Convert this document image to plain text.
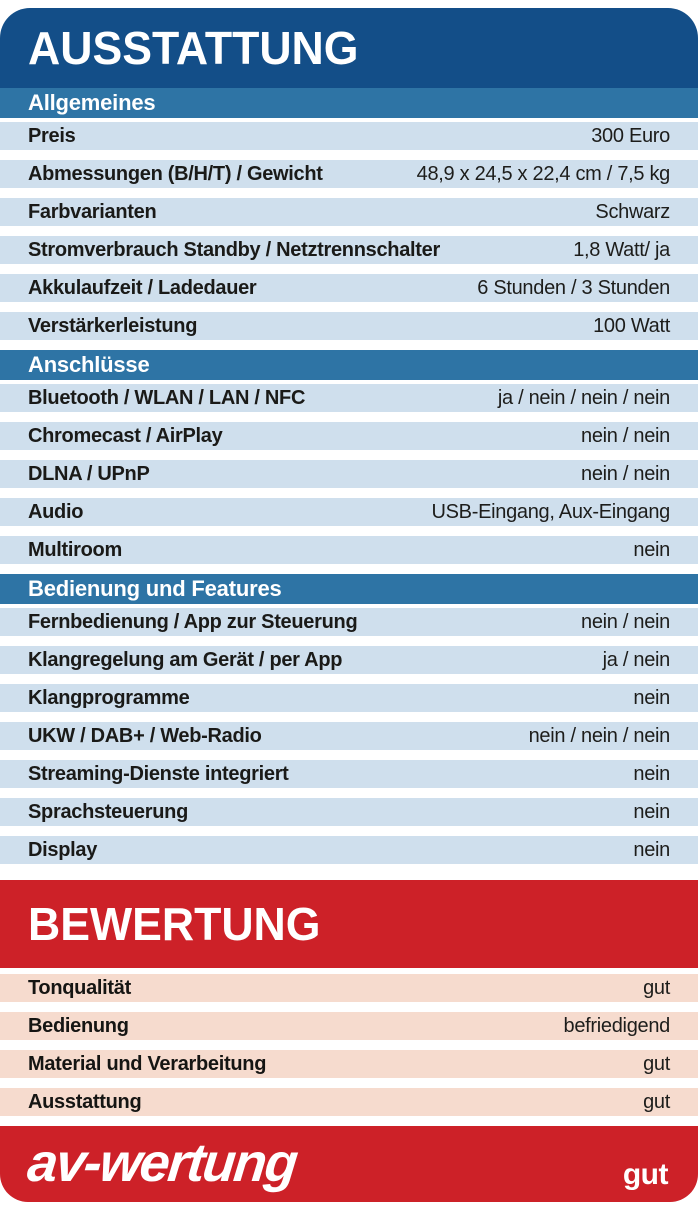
AUSSTATTUNG
Allgemeines
Preis	300 Euro
Abmessungen (B/H/T) / Gewicht	48,9 x 24,5 x 22,4 cm / 7,5 kg
Farbvarianten	Schwarz
Stromverbrauch Standby / Netztrennschalter	1,8 Watt/ ja
Akkulaufzeit / Ladedauer	6 Stunden / 3 Stunden
Verstärkerleistung	100 Watt
Anschlüsse
Bluetooth / WLAN / LAN / NFC	ja / nein / nein / nein
Chromecast / AirPlay	nein / nein
DLNA / UPnP	nein / nein
Audio	USB-Eingang, Aux-Eingang
Multiroom	nein
Bedienung und Features
Fernbedienung / App zur Steuerung	nein / nein
Klangregelung am Gerät / per App	ja / nein
Klangprogramme	nein
UKW / DAB+ / Web-Radio	nein / nein / nein
Streaming-Dienste integriert	nein
Sprachsteuerung	nein
Display	nein
BEWERTUNG
Tonqualität	gut
Bedienung	befriedigend
Material und Verarbeitung	gut
Ausstattung	gut
av-wertung	gut
